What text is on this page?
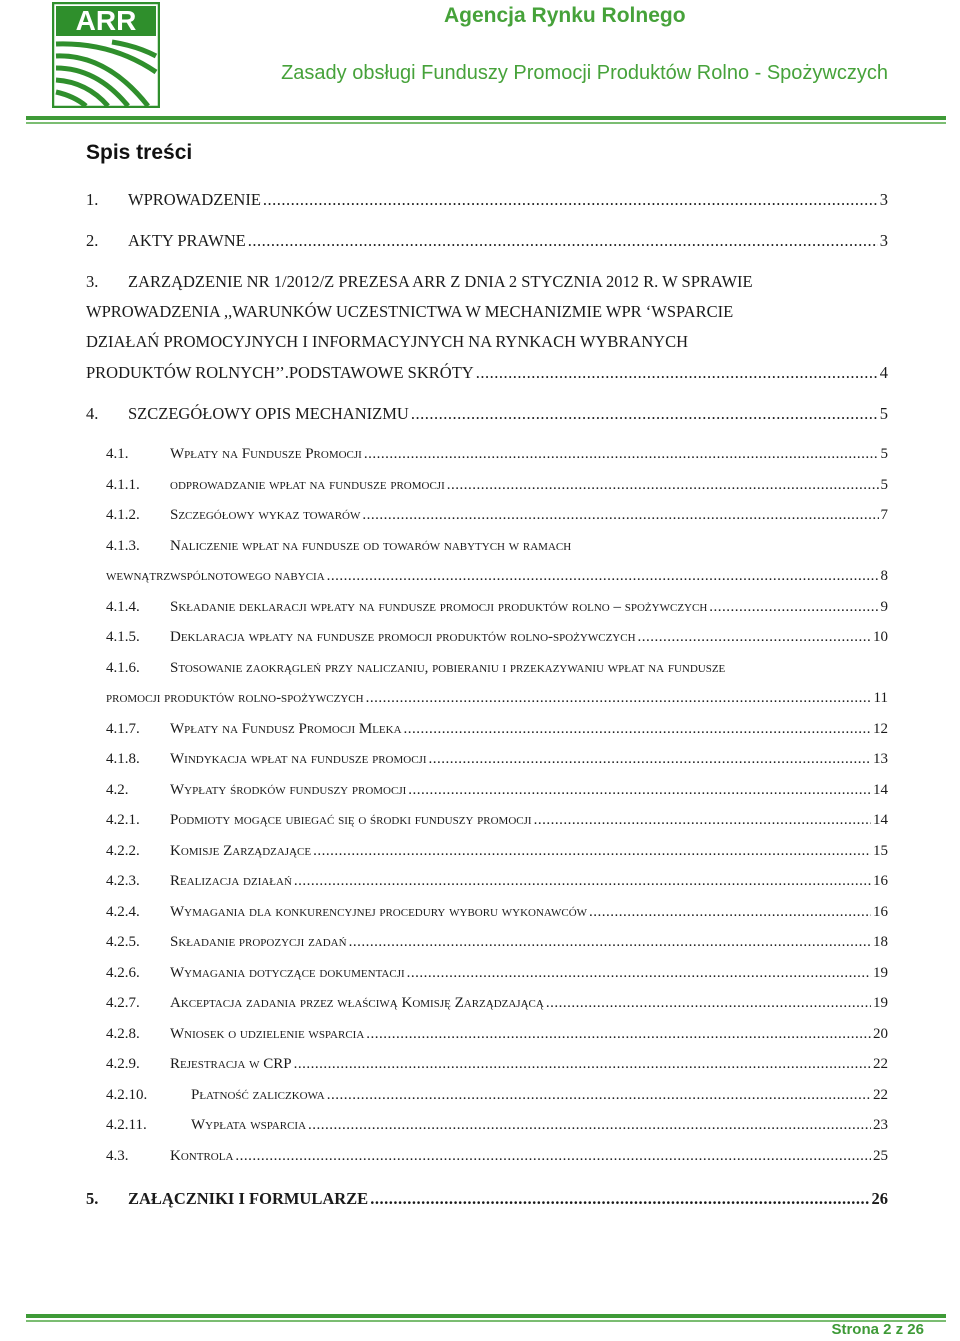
ARR	Agencja Rynku Rolnego
Zasady obsługi Funduszy Promocji Produktów Rolno - Spożywczych
Spis treści
1.	WPROWADZENIE .....	3
2.	AKTY PRAWNE .....	3
3.	ZARZĄDZENIE NR 1/2012/Z PREZESA ARR Z DNIA 2 STYCZNIA 2012 R. W SPRAWIE
WPROWADZENIA ,,WARUNKÓW UCZESTNICTWA W MECHANIZMIE WPR ‘WSPARCIE
DZIAŁAŃ PROMOCYJNYCH I INFORMACYJNYCH NA RYNKACH WYBRANYCH
PRODUKTÓW ROLNYCH’’.PODSTAWOWE SKRÓTY .....	4
4.	SZCZEGÓŁOWY OPIS MECHANIZMU .....	5
4.1.	Wpłaty na Fundusze Promocji .....	5
4.1.1.	odprowadzanie wpłat na fundusze promocji .....	5
4.1.2.	Szczegółowy wykaz towarów .....	7
4.1.3.	Naliczenie wpłat na fundusze od towarów nabytych w ramach
wewnątrzwspólnotowego nabycia .....	8
4.1.4.	Składanie deklaracji wpłaty na fundusze promocji produktów rolno – spożywczych .....	9
4.1.5.	Deklaracja wpłaty na fundusze promocji produktów rolno-spożywczych .....	10
4.1.6.	Stosowanie zaokrągleń przy naliczaniu, pobieraniu i przekazywaniu wpłat na fundusze
promocji produktów rolno-spożywczych .....	11
4.1.7.	Wpłaty na Fundusz Promocji Mleka .....	12
4.1.8.	Windykacja wpłat na fundusze promocji .....	13
4.2.	Wypłaty środków funduszy promocji .....	14
4.2.1.	Podmioty mogące ubiegać się o środki funduszy promocji .....	14
4.2.2.	Komisje Zarządzające .....	15
4.2.3.	Realizacja działań .....	16
4.2.4.	Wymagania dla konkurencyjnej procedury wyboru wykonawców .....	16
4.2.5.	Składanie propozycji zadań .....	18
4.2.6.	Wymagania dotyczące dokumentacji .....	19
4.2.7.	Akceptacja zadania przez właściwą Komisję Zarządzającą .....	19
4.2.8.	Wniosek o udzielenie wsparcia .....	20
4.2.9.	Rejestracja w CRP .....	22
4.2.10.	Płatność zaliczkowa .....	22
4.2.11.	Wypłata wsparcia .....	23
4.3.	Kontrola .....	25
5.	ZAŁĄCZNIKI I FORMULARZE .....	26
Strona 2 z 26
